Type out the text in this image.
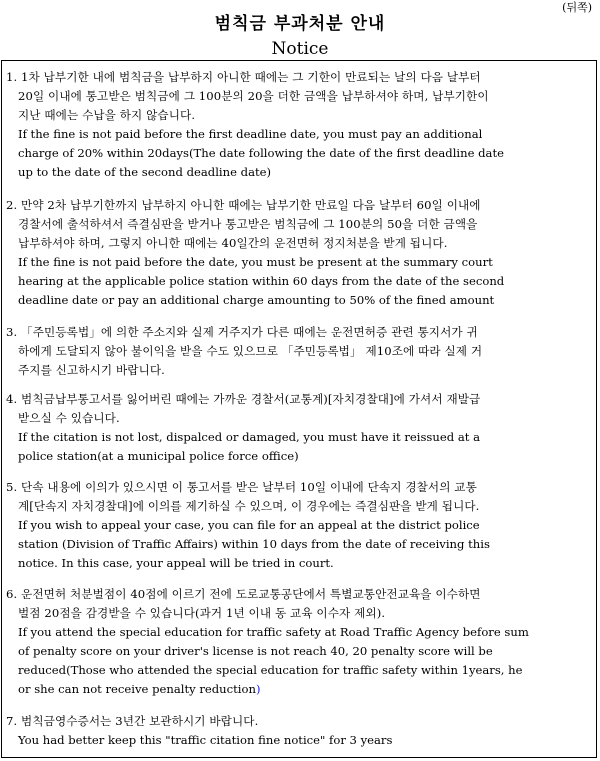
(뒤쪽)
범칙금 부과처분 안내
Notice

1. 1차 납부기한 내에 범칙금을 납부하지 아니한 때에는 그 기한이 만료되는 날의 다음 날부터
20일 이내에 통고받은 범칙금에 그 100분의 20을 더한 금액을 납부하셔야 하며, 납부기한이
지난 때에는 수납을 하지 않습니다.

If the fine is not paid before the first deadline date, you must pay an additional
charge of 20% within 20days(The date following the date of the first deadline date
up to the date of the second deadline date)

2. 만약 2차 납부기한까지 납부하지 아니한 때에는 납부기한 만료일 다음 날부터 60일 이내에
경찰서에 출석하셔서 즉결심판을 받거나 통고받은 범칙금에 그 100분의 50을 더한 금액을
납부하셔야 하며, 그렇지 아니한 때에는 40일간의 운전면허 정지처분을 받게 됩니다.

If the fine is not paid before the date, you must be present at the summary court
hearing at the applicable police station within 60 days from the date of the second
deadline date or pay an additional charge amounting to 50% of the fined amount

3. 「주민등록법」에 의한 주소지와 실제 거주지가 다른 때에는 운전면허증 관련 통지서가 귀
하에게 도달되지 않아 불이익을 받을 수도 있으므로 「주민등록법」 제10조에 따라 실제 거
주지를 신고하시기 바랍니다.

4. 범칙금납부통고서를 잃어버린 때에는 가까운 경찰서(교통계)[자치경찰대]에 가셔서 재발급
받으실 수 있습니다.

If the citation is not lost, dispalced or damaged, you must have it reissued at a
police station(at a municipal police force office)

5. 단속 내용에 이의가 있으시면 이 통고서를 받은 날부터 10일 이내에 단속지 경찰서의 교통
계[단속지 자치경찰대]에 이의를 제기하실 수 있으며, 이 경우에는 즉결심판을 받게 됩니다.

If you wish to appeal your case, you can file for an appeal at the district police
station (Division of Traffic Affairs) within 10 days from the date of receiving this
notice. In this case, your appeal will be tried in court.

6. 운전면허 처분벌점이 40점에 이르기 전에 도로교통공단에서 특별교통안전교육을 이수하면
벌점 20점을 감경받을 수 있습니다(과거 1년 이내 동 교육 이수자 제외).

If you attend the special education for traffic safety at Road Traffic Agency before sum
of penalty score on your driver's license is not reach 40, 20 penalty score will be
reduced(Those who attended the special education for traffic safety within 1years, he
or she can not receive penalty reduction)

7. 범칙금영수증서는 3년간 보관하시기 바랍니다.

You had better keep this "traffic citation fine notice" for 3 years
